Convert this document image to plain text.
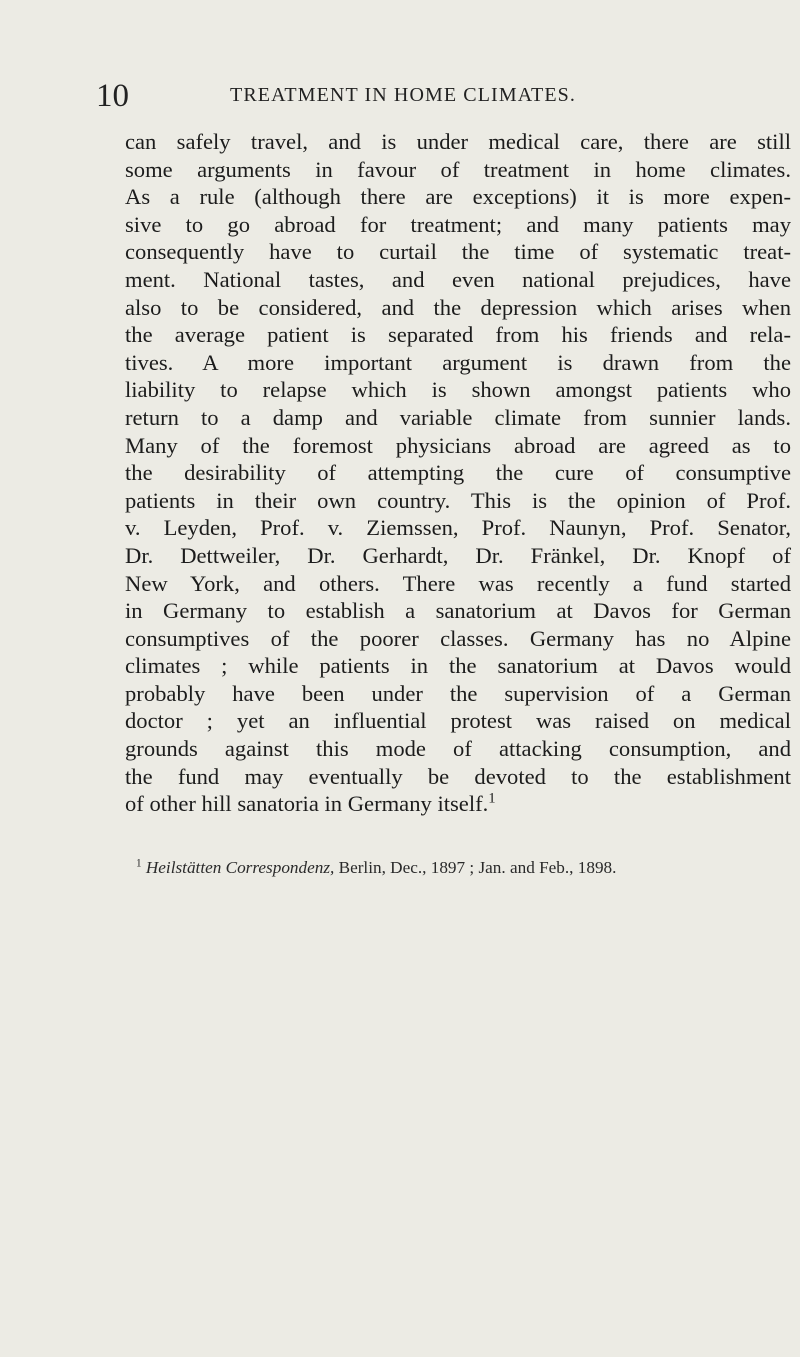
10	TREATMENT IN HOME CLIMATES.
can safely travel, and is under medical care, there are still
some arguments in favour of treatment in home climates.
As a rule (although there are exceptions) it is more expen-
sive to go abroad for treatment; and many patients may
consequently have to curtail the time of systematic treat-
ment. National tastes, and even national prejudices, have
also to be considered, and the depression which arises when
the average patient is separated from his friends and rela-
tives. A more important argument is drawn from the
liability to relapse which is shown amongst patients who
return to a damp and variable climate from sunnier lands.
Many of the foremost physicians abroad are agreed as to
the desirability of attempting the cure of consumptive
patients in their own country. This is the opinion of Prof.
v. Leyden, Prof. v. Ziemssen, Prof. Naunyn, Prof. Senator,
Dr. Dettweiler, Dr. Gerhardt, Dr. Fränkel, Dr. Knopf of
New York, and others. There was recently a fund started
in Germany to establish a sanatorium at Davos for German
consumptives of the poorer classes. Germany has no Alpine
climates ; while patients in the sanatorium at Davos would
probably have been under the supervision of a German
doctor ; yet an influential protest was raised on medical
grounds against this mode of attacking consumption, and
the fund may eventually be devoted to the establishment
of other hill sanatoria in Germany itself.$^1$
$^1$ Heilstätten Correspondenz, Berlin, Dec., 1897 ; Jan. and Feb., 1898.
